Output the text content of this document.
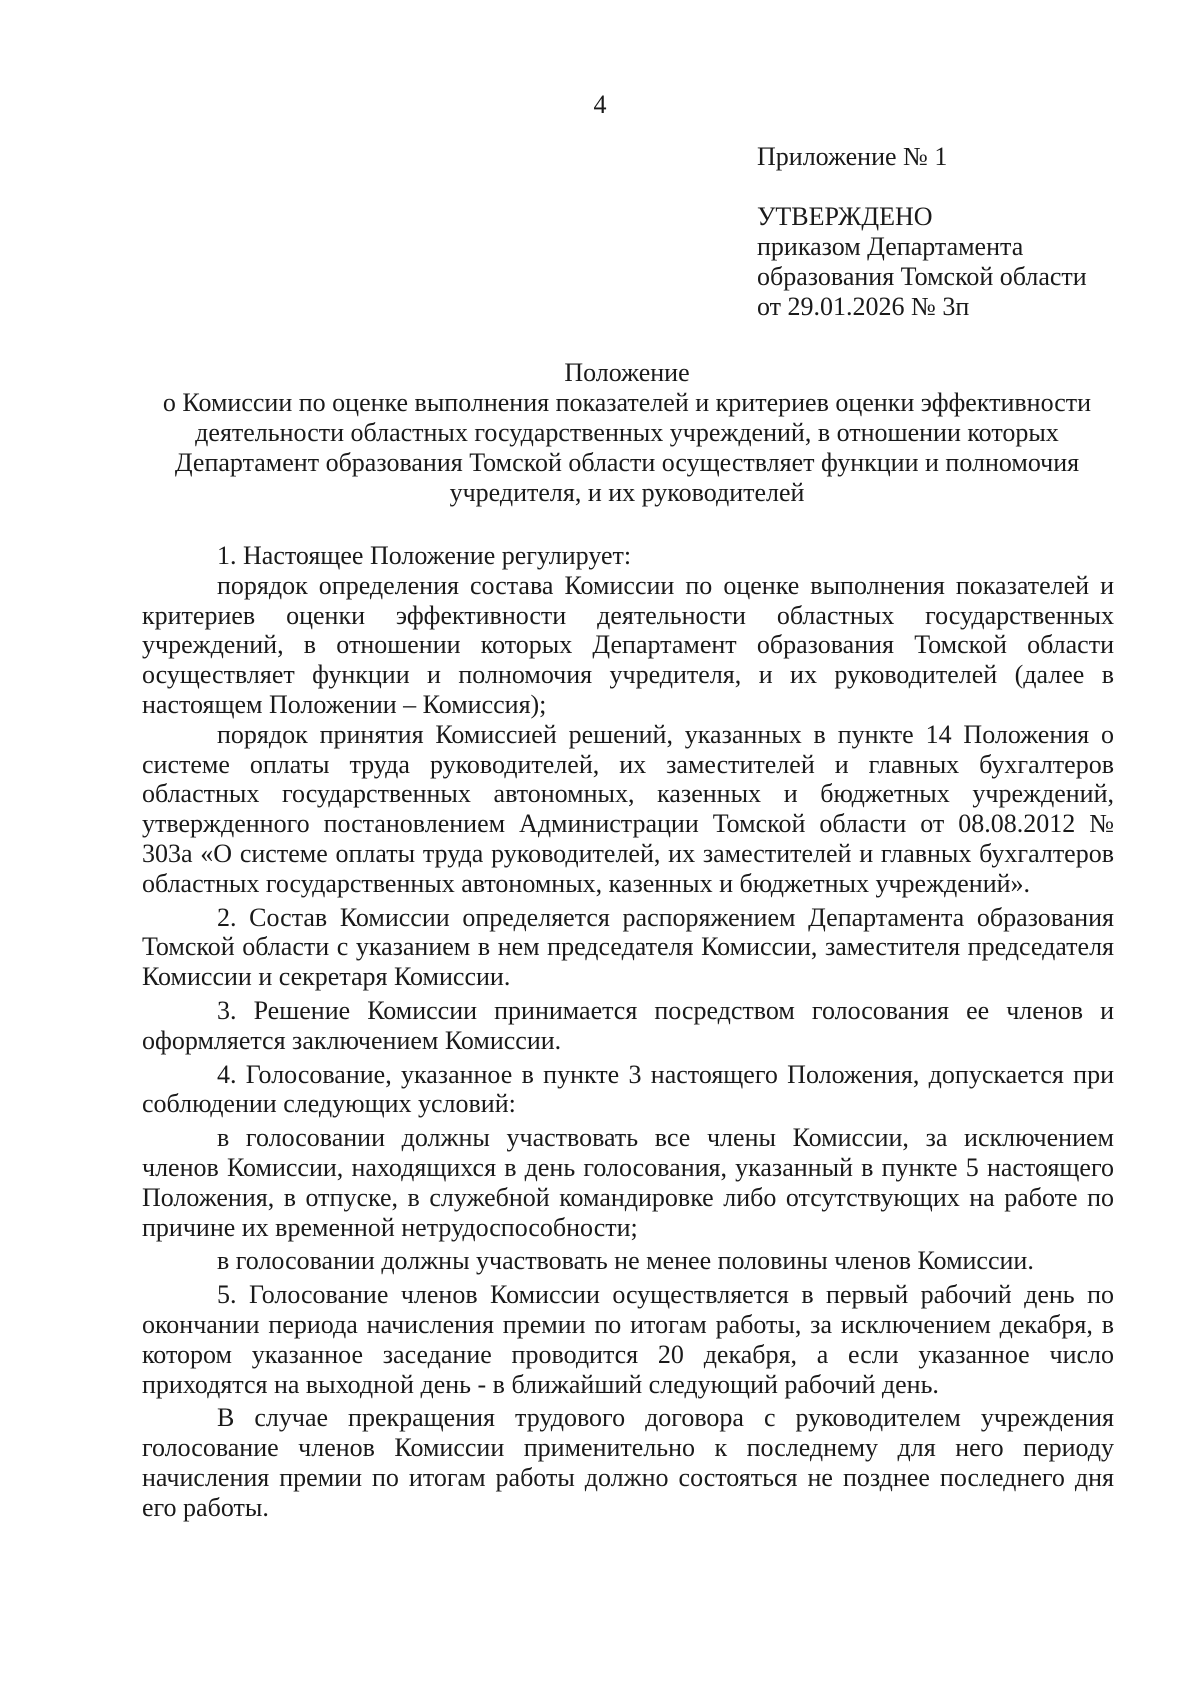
4
Приложение № 1
УТВЕРЖДЕНО
приказом Департамента
образования Томской области
от 29.01.2026 № 3п
Положение
о Комиссии по оценке выполнения показателей и критериев оценки эффективности
деятельности областных государственных учреждений, в отношении которых
Департамент образования Томской области осуществляет функции и полномочия
учредителя, и их руководителей

1. Настоящее Положение регулирует:

порядок определения состава Комиссии по оценке выполнения показателей и критериев оценки эффективности деятельности областных государственных учреждений, в отношении которых Департамент образования Томской области осуществляет функции и полномочия учредителя, и их руководителей (далее в настоящем Положении – Комиссия);

порядок принятия Комиссией решений, указанных в пункте 14 Положения о системе оплаты труда руководителей, их заместителей и главных бухгалтеров областных государственных автономных, казенных и бюджетных учреждений, утвержденного постановлением Администрации Томской области от 08.08.2012 № 303а «О системе оплаты труда руководителей, их заместителей и главных бухгалтеров областных государственных автономных, казенных и бюджетных учреждений».

2. Состав Комиссии определяется распоряжением Департамента образования Томской области с указанием в нем председателя Комиссии, заместителя председателя Комиссии и секретаря Комиссии.

3. Решение Комиссии принимается посредством голосования ее членов и оформляется заключением Комиссии.

4. Голосование, указанное в пункте 3 настоящего Положения, допускается при соблюдении следующих условий:

в голосовании должны участвовать все члены Комиссии, за исключением членов Комиссии, находящихся в день голосования, указанный в пункте 5 настоящего Положения, в отпуске, в служебной командировке либо отсутствующих на работе по причине их временной нетрудоспособности;

в голосовании должны участвовать не менее половины членов Комиссии.

5. Голосование членов Комиссии осуществляется в первый рабочий день по окончании периода начисления премии по итогам работы, за исключением декабря, в котором указанное заседание проводится 20 декабря, а если указанное число приходятся на выходной день - в ближайший следующий рабочий день.

В случае прекращения трудового договора с руководителем учреждения голосование членов Комиссии применительно к последнему для него периоду начисления премии по итогам работы должно состояться не позднее последнего дня его работы.
